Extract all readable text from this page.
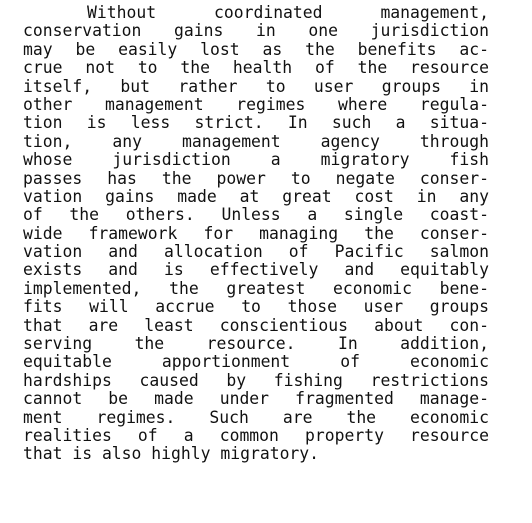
Without coordinated management,
conservation gains in one jurisdiction
may be easily lost as the benefits ac-
crue not to the health of the resource
itself, but rather to user groups in
other management regimes where regula-
tion is less strict. In such a situa-
tion, any management agency through
whose jurisdiction a migratory fish
passes has the power to negate conser-
vation gains made at great cost in any
of the others. Unless a single coast-
wide framework for managing the conser-
vation and allocation of Pacific salmon
exists and is effectively and equitably
implemented, the greatest economic bene-
fits will accrue to those user groups
that are least conscientious about con-
serving the resource. In addition,
equitable apportionment of economic
hardships caused by fishing restrictions
cannot be made under fragmented manage-
ment regimes. Such are the economic
realities of a common property resource
that is also highly migratory.
